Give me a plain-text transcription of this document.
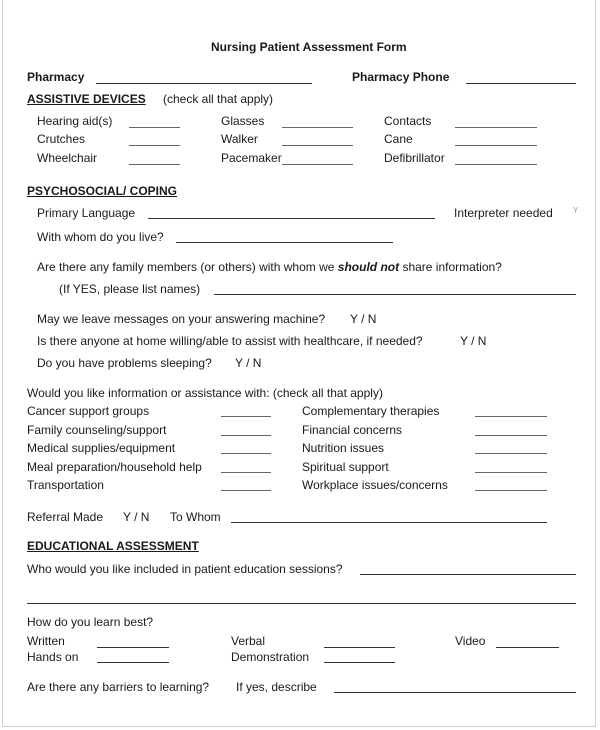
Nursing Patient Assessment Form
Pharmacy	Pharmacy Phone
ASSISTIVE DEVICES (check all that apply)
Hearing aid(s)	Glasses	Contacts
Crutches	Walker	Cane
Wheelchair	Pacemaker	Defibrillator
PSYCHOSOCIAL/ COPING
Primary Language	Interpreter needed	Y
With whom do you live?
Are there any family members (or others) with whom we should not share information?
(If YES, please list names)
May we leave messages on your answering machine? Y / N
Is there anyone at home willing/able to assist with healthcare, if needed?	Y / N
Do you have problems sleeping? Y / N
Would you like information or assistance with: (check all that apply)
Cancer support groups	Complementary therapies
Family counseling/support	Financial concerns
Medical supplies/equipment	Nutrition issues
Meal preparation/household help	Spiritual support
Transportation	Workplace issues/concerns
Referral Made Y / N To Whom
EDUCATIONAL ASSESSMENT
Who would you like included in patient education sessions?
How do you learn best?
Written	Verbal	Video
Hands on	Demonstration
Are there any barriers to learning? If yes, describe
